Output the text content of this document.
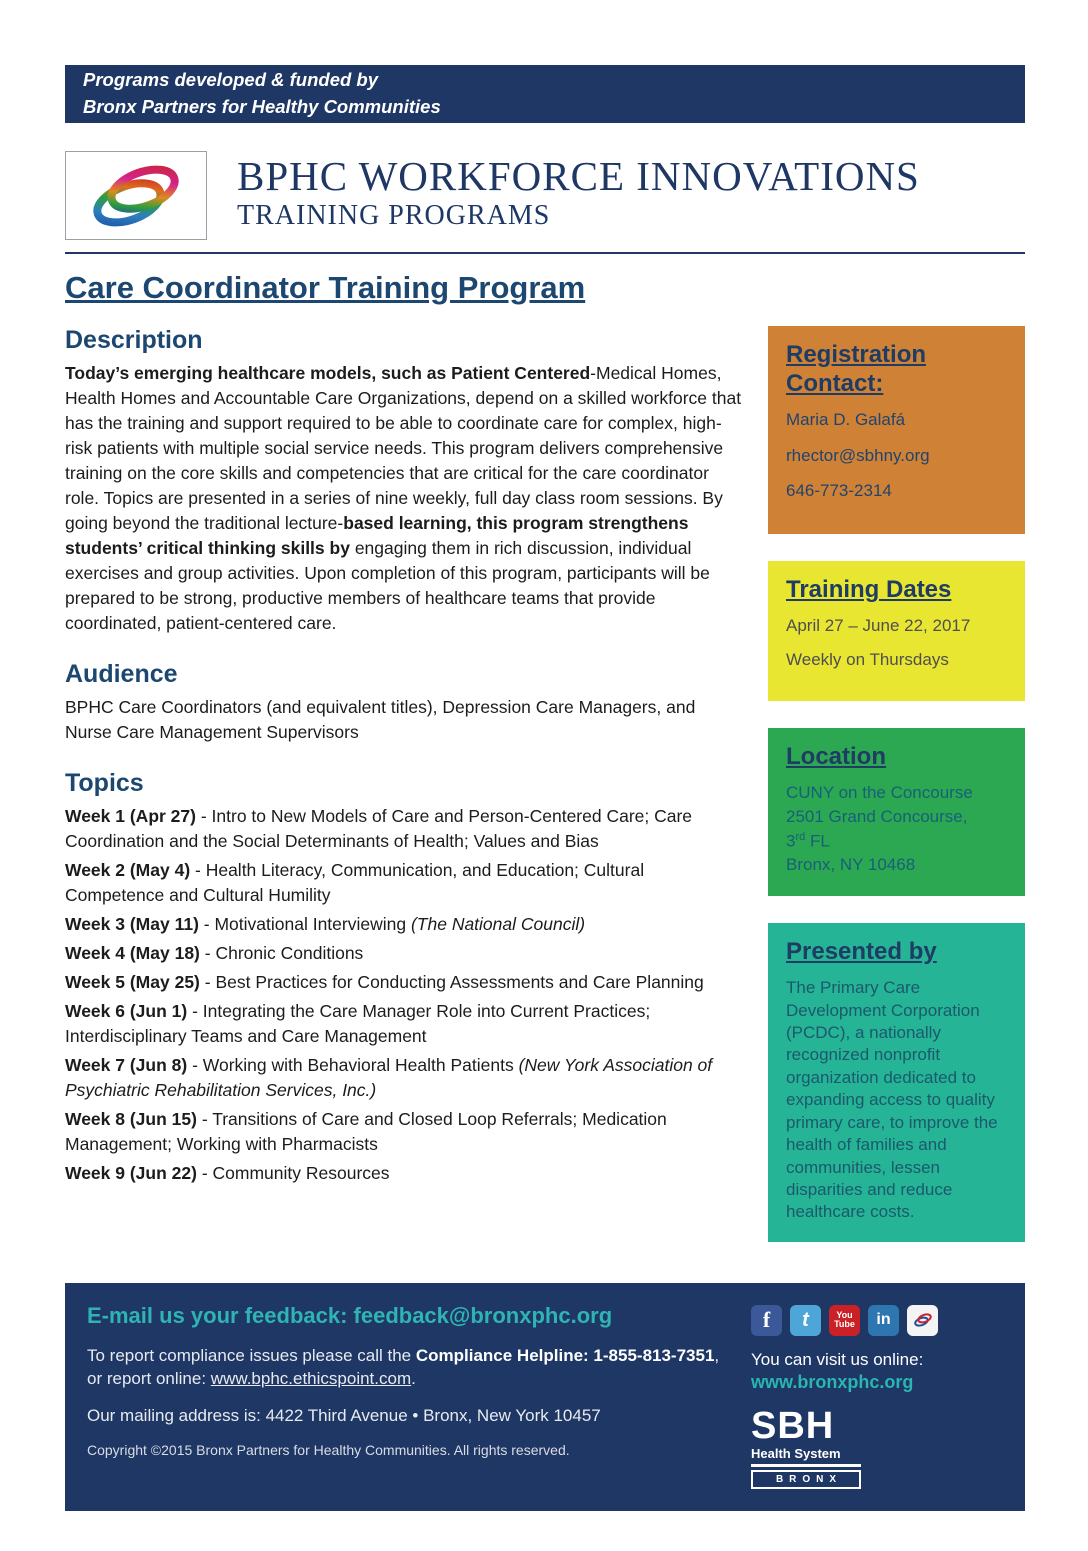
Programs developed & funded by
Bronx Partners for Healthy Communities
BPHC WORKFORCE INNOVATIONS
TRAINING PROGRAMS
Care Coordinator Training Program
Description

Today’s emerging healthcare models, such as Patient Centered-Medical Homes, Health Homes and Accountable Care Organizations, depend on a skilled workforce that has the training and support required to be able to coordinate care for complex, high-risk patients with multiple social service needs. This program delivers comprehensive training on the core skills and competencies that are critical for the care coordinator role. Topics are presented in a series of nine weekly, full day class room sessions. By going beyond the traditional lecture-based learning, this program strengthens students’ critical thinking skills by engaging them in rich discussion, individual exercises and group activities. Upon completion of this program, participants will be prepared to be strong, productive members of healthcare teams that provide coordinated, patient-centered care.

Audience

BPHC Care Coordinators (and equivalent titles), Depression Care Managers, and Nurse Care Management Supervisors

Topics

Week 1 (Apr 27) - Intro to New Models of Care and Person-Centered Care; Care Coordination and the Social Determinants of Health; Values and Bias

Week 2 (May 4) - Health Literacy, Communication, and Education; Cultural Competence and Cultural Humility

Week 3 (May 11) - Motivational Interviewing (The National Council)

Week 4 (May 18) - Chronic Conditions

Week 5 (May 25) - Best Practices for Conducting Assessments and Care Planning

Week 6 (Jun 1) - Integrating the Care Manager Role into Current Practices; Interdisciplinary Teams and Care Management

Week 7 (Jun 8) - Working with Behavioral Health Patients (New York Association of Psychiatric Rehabilitation Services, Inc.)

Week 8 (Jun 15) - Transitions of Care and Closed Loop Referrals; Medication Management; Working with Pharmacists

Week 9 (Jun 22) - Community Resources

Registration Contact:
Maria D. Galafá
rhector@sbhny.org
646-773-2314
Training Dates
April 27 – June 22, 2017
Weekly on Thursdays
Location
CUNY on the Concourse
2501 Grand Concourse,
3rd FL
Bronx, NY 10468
Presented by
The Primary Care Development Corporation (PCDC), a nationally recognized nonprofit organization dedicated to expanding access to quality primary care, to improve the health of families and communities, lessen disparities and reduce healthcare costs.
E-mail us your feedback: feedback@bronxphc.org
To report compliance issues please call the Compliance Helpline: 1-855-813-7351, or report online: www.bphc.ethicspoint.com.
Our mailing address is: 4422 Third Avenue • Bronx, New York 10457
Copyright ©2015 Bronx Partners for Healthy Communities. All rights reserved.
f	t	You
Tube	in
You can visit us online:
www.bronxphc.org
SBH
Health System
BRONX
